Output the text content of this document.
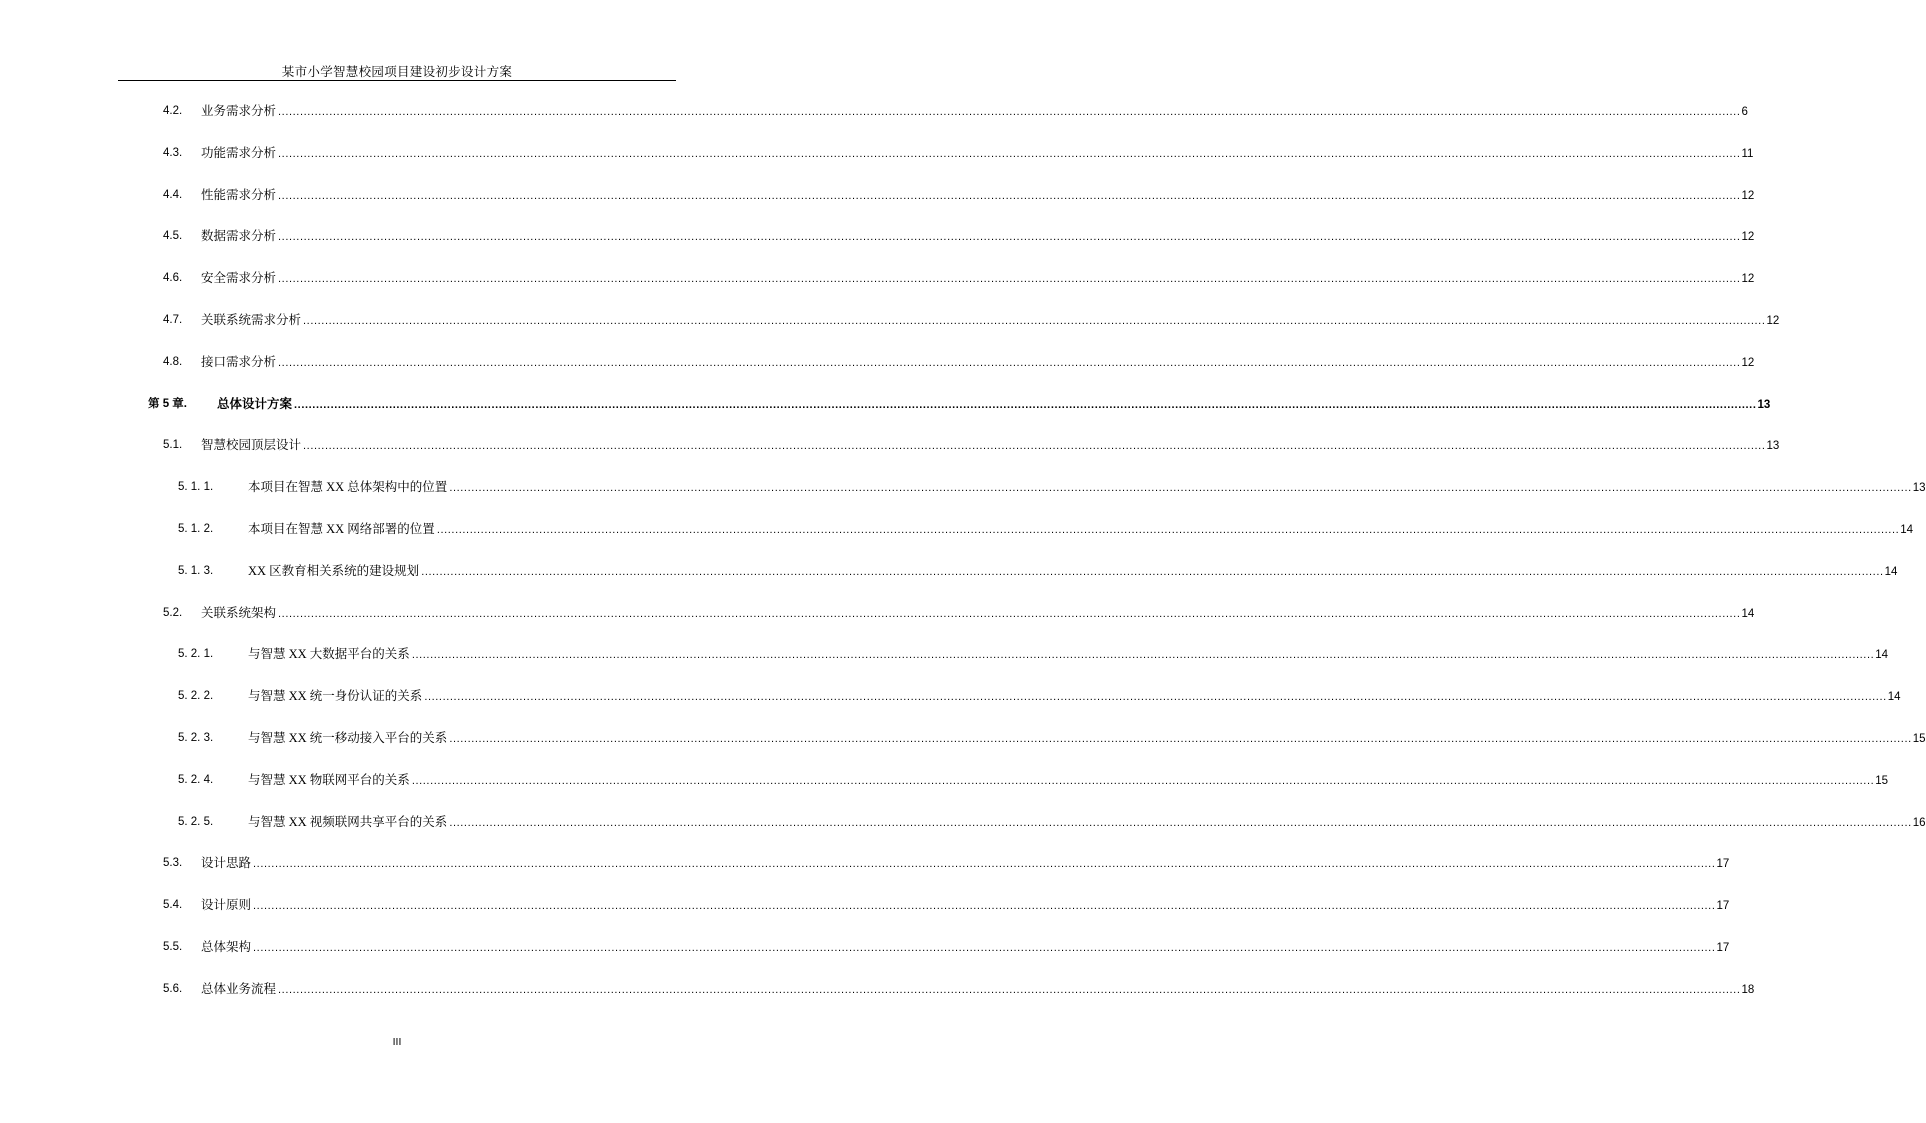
某市小学智慧校园项目建设初步设计方案
4.2. 业务需求分析 ................................................................................................................................................................................................................................................................................................................................................................................................................ 6
4.3. 功能需求分析 ................................................................................................................................................................................................................................................................................................................................................................................................................ 11
4.4. 性能需求分析 ................................................................................................................................................................................................................................................................................................................................................................................................................ 12
4.5. 数据需求分析 ................................................................................................................................................................................................................................................................................................................................................................................................................ 12
4.6. 安全需求分析 ................................................................................................................................................................................................................................................................................................................................................................................................................ 12
4.7. 关联系统需求分析 ................................................................................................................................................................................................................................................................................................................................................................................................................ 12
4.8. 接口需求分析 ................................................................................................................................................................................................................................................................................................................................................................................................................ 12
第 5 章. 总体设计方案 ................................................................................................................................................................................................................................................................................................................................................................................................................ 13
5.1. 智慧校园顶层设计 ................................................................................................................................................................................................................................................................................................................................................................................................................ 13
5. 1. 1.	本项目在智慧 XX 总体架构中的位置 ................................................................................................................................................................................................................................................................................................................................................................................................................ 13
5. 1. 2.	本项目在智慧 XX 网络部署的位置 ................................................................................................................................................................................................................................................................................................................................................................................................................ 14
5. 1. 3.	XX 区教育相关系统的建设规划 ................................................................................................................................................................................................................................................................................................................................................................................................................ 14
5.2. 关联系统架构 ................................................................................................................................................................................................................................................................................................................................................................................................................ 14
5. 2. 1.	与智慧 XX 大数据平台的关系 ................................................................................................................................................................................................................................................................................................................................................................................................................ 14
5. 2. 2.	与智慧 XX 统一身份认证的关系 ................................................................................................................................................................................................................................................................................................................................................................................................................ 14
5. 2. 3.	与智慧 XX 统一移动接入平台的关系 ................................................................................................................................................................................................................................................................................................................................................................................................................ 15
5. 2. 4.	与智慧 XX 物联网平台的关系 ................................................................................................................................................................................................................................................................................................................................................................................................................ 15
5. 2. 5.	与智慧 XX 视频联网共享平台的关系 ................................................................................................................................................................................................................................................................................................................................................................................................................ 16
5.3. 设计思路 ................................................................................................................................................................................................................................................................................................................................................................................................................ 17
5.4. 设计原则 ................................................................................................................................................................................................................................................................................................................................................................................................................ 17
5.5. 总体架构 ................................................................................................................................................................................................................................................................................................................................................................................................................ 17
5.6. 总体业务流程 ................................................................................................................................................................................................................................................................................................................................................................................................................ 18
III
